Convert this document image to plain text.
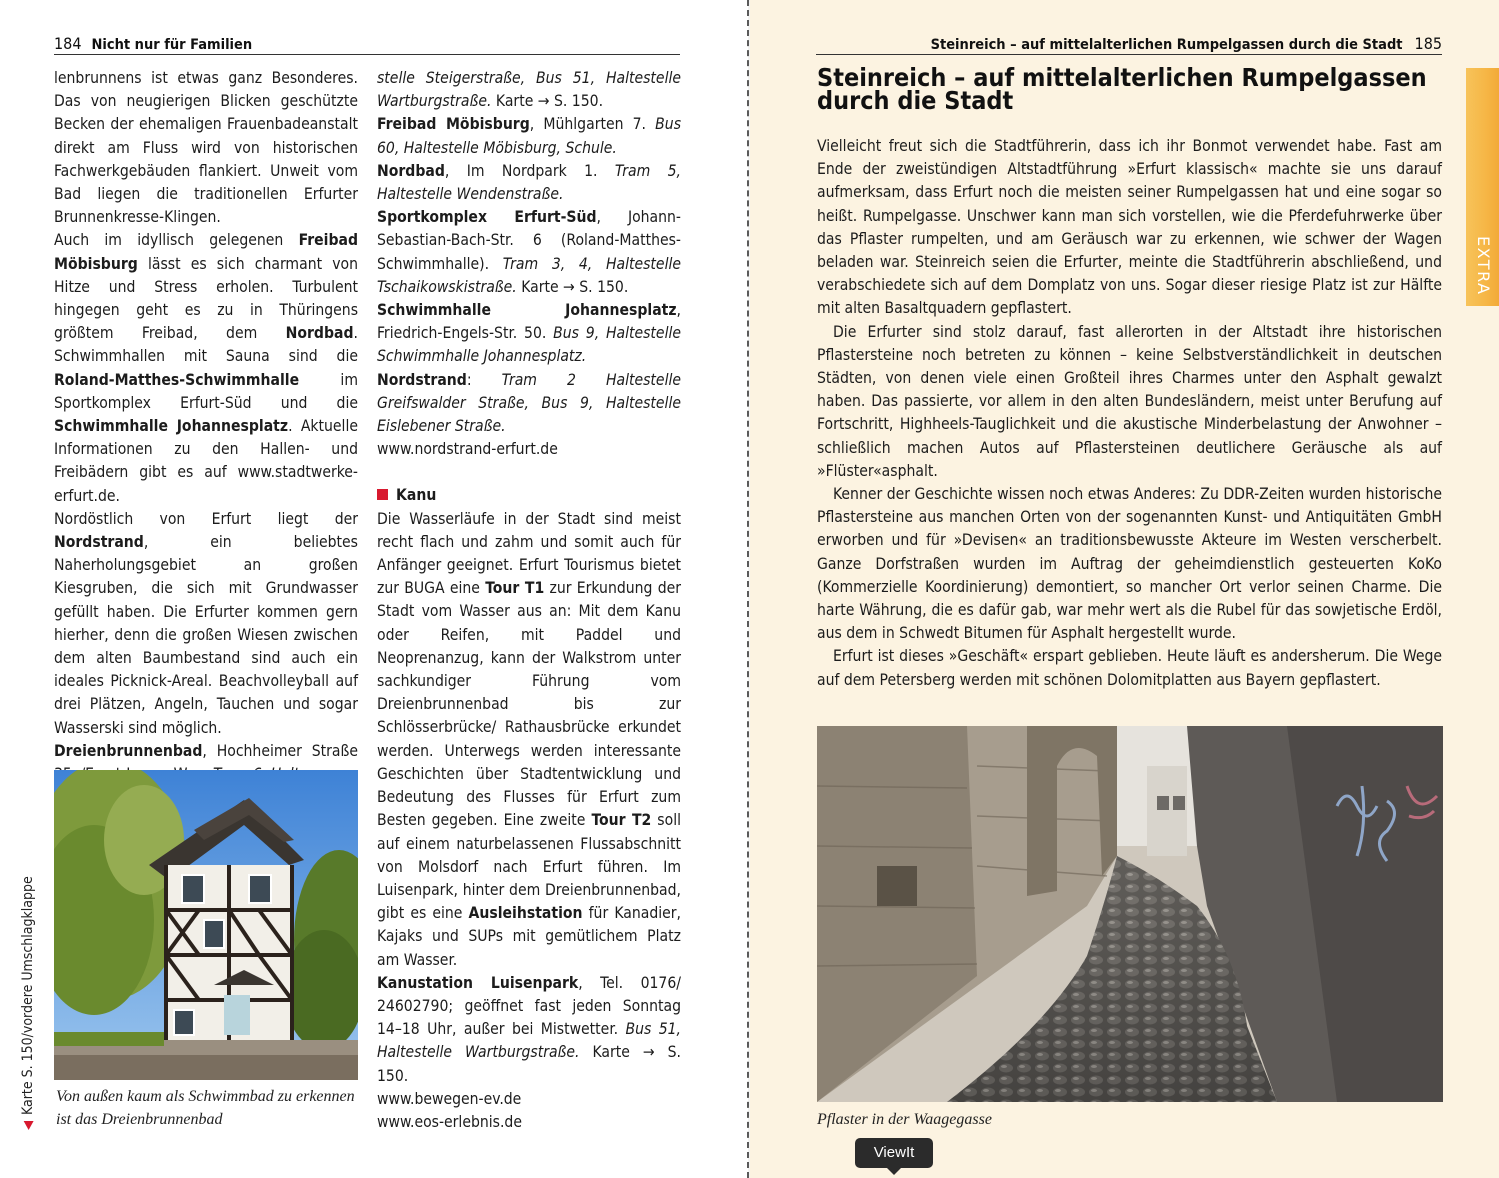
184 Nicht nur für Familien

lenbrunnens ist etwas ganz Besonderes. Das von neugierigen Blicken geschützte Becken der ehemaligen Frauenbadeanstalt direkt am Fluss wird von historischen Fachwerkgebäuden flankiert. Unweit vom Bad liegen die traditionellen Erfurter Brunnenkresse-Klingen.

Auch im idyllisch gelegenen Freibad Möbisburg lässt es sich charmant von Hitze und Stress erholen. Turbulent hingegen geht es zu in Thüringens größtem Freibad, dem Nordbad. Schwimmhallen mit Sauna sind die Roland-Matthes-Schwimmhalle im Sportkomplex Erfurt-Süd und die Schwimmhalle Johannesplatz. Aktuelle Informationen zu den Hallen- und Freibädern gibt es auf www.stadtwerke-erfurt.de.

Nordöstlich von Erfurt liegt der Nordstrand, ein beliebtes Naherholungsgebiet an großen Kiesgruben, die sich mit Grundwasser gefüllt haben. Die Erfurter kommen gern hierher, denn die großen Wiesen zwischen dem alten Baumbestand sind auch ein ideales Picknick-Areal. Beachvolleyball auf drei Plätzen, Angeln, Tauchen und sogar Wasserski sind möglich.

Dreienbrunnenbad, Hochheimer Straße

Von außen kaum als Schwimmbad zu erkennen ist das Dreienbrunnenbad

stelle Steigerstraße, Bus 51, Haltestelle Wartburgstraße. Karte → S. 150.

Freibad Möbisburg, Mühlgarten 7. Bus 60, Haltestelle Möbisburg, Schule.

Nordbad, Im Nordpark 1. Tram 5, Haltestelle Wendenstraße.

Sportkomplex Erfurt-Süd, Johann-Sebastian-Bach-Str. 6 (Roland-Matthes-Schwimmhalle). Tram 3, 4, Haltestelle Tschaikowskistraße. Karte → S. 150.

Schwimmhalle Johannesplatz, Friedrich-Engels-Str. 50. Bus 9, Haltestelle Schwimmhalle Johannesplatz.

Nordstrand: Tram 2 Haltestelle Greifswalder Straße, Bus 9, Haltestelle Eislebener Straße.

www.nordstrand-erfurt.de

Kanu

Die Wasserläufe in der Stadt sind meist recht flach und zahm und somit auch für Anfänger geeignet. Erfurt Tourismus bietet zur BUGA eine Tour T1 zur Erkundung der Stadt vom Wasser aus an: Mit dem Kanu oder Reifen, mit Paddel und Neoprenanzug, kann der Walkstrom unter sachkundiger Führung vom Dreienbrunnenbad bis zur Schlösserbrücke/ Rathausbrücke erkundet werden. Unterwegs werden interessante Geschichten über Stadtentwicklung und Bedeutung des Flusses für Erfurt zum Besten gegeben. Eine zweite Tour T2 soll auf einem naturbelassenen Flussabschnitt von Molsdorf nach Erfurt führen. Im Luisenpark, hinter dem Dreienbrunnenbad, gibt es eine Ausleihstation für Kanadier, Kajaks und SUPs mit gemütlichem Platz am Wasser.

Kanustation Luisenpark, Tel. 0176/ 24602790; geöffnet fast jeden Sonntag 14–18 Uhr, außer bei Mistwetter. Bus 51, Haltestelle Wartburgstraße. Karte → S. 150.

www.bewegen-ev.de

www.eos-erlebnis.de

◀Karte S. 150/vordere Umschlagklappe
Steinreich – auf mittelalterlichen Rumpelgassen durch die Stadt 185
Steinreich – auf mittelalterlichen Rumpelgassen durch die Stadt

Vielleicht freut sich die Stadtführerin, dass ich ihr Bonmot verwendet habe. Fast am Ende der zweistündigen Altstadtführung »Erfurt klassisch« machte sie uns darauf aufmerksam, dass Erfurt noch die meisten seiner Rumpelgassen hat und eine sogar so heißt. Rumpelgasse. Unschwer kann man sich vorstellen, wie die Pferdefuhrwerke über das Pflaster rumpelten, und am Geräusch war zu erkennen, wie schwer der Wagen beladen war. Steinreich seien die Erfurter, meinte die Stadtführerin abschließend, und verabschiedete sich auf dem Domplatz von uns. Sogar dieser riesige Platz ist zur Hälfte mit alten Basaltquadern gepflastert.

Die Erfurter sind stolz darauf, fast allerorten in der Altstadt ihre historischen Pflastersteine noch betreten zu können – keine Selbstverständlichkeit in deutschen Städten, von denen viele einen Großteil ihres Charmes unter den Asphalt gewalzt haben. Das passierte, vor allem in den alten Bundesländern, meist unter Berufung auf Fortschritt, Highheels-Tauglichkeit und die akustische Minderbelastung der Anwohner – schließlich machen Autos auf Pflastersteinen deutlichere Geräusche als auf »Flüster«asphalt.

Kenner der Geschichte wissen noch etwas Anderes: Zu DDR-Zeiten wurden historische Pflastersteine aus manchen Orten von der sogenannten Kunst- und Antiquitäten GmbH erworben und für »Devisen« an traditionsbewusste Akteure im Westen verscherbelt. Ganze Dorfstraßen wurden im Auftrag der geheimdienstlich gesteuerten KoKo (Kommerzielle Koordinierung) demontiert, so mancher Ort verlor seinen Charme. Die harte Währung, die es dafür gab, war mehr wert als die Rubel für das sowjetische Erdöl, aus dem in Schwedt Bitumen für Asphalt hergestellt wurde.

Erfurt ist dieses »Geschäft« erspart geblieben. Heute läuft es andersherum. Die Wege auf dem Petersberg werden mit schönen Dolomitplatten aus Bayern gepflastert.

Pflaster in der Waagegasse
EXTRA
ViewIt
